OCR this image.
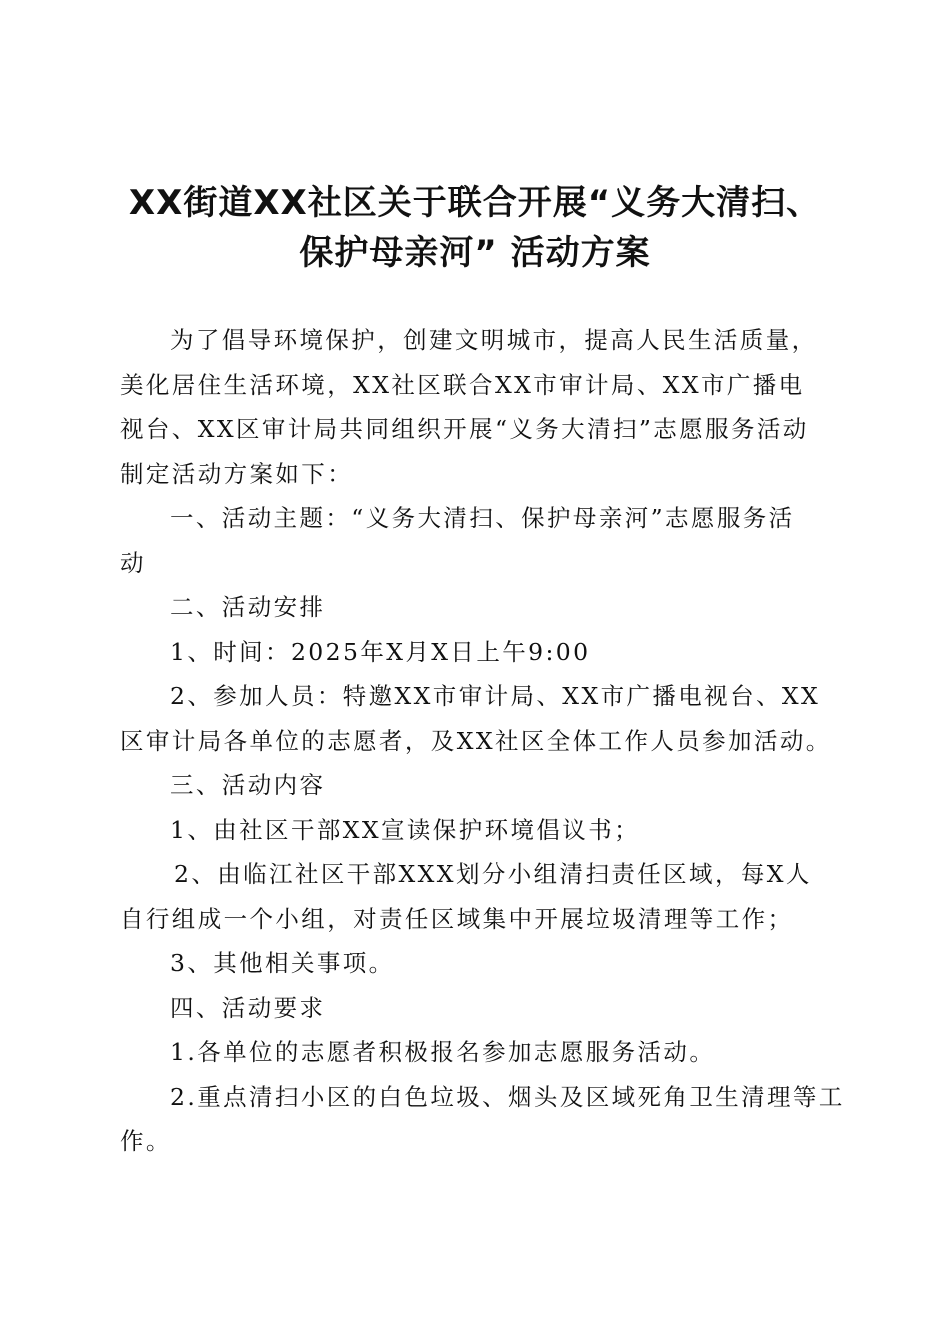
XX街道XX社区关于联合开展“义务大清扫、
保护母亲河” 活动方案
为了倡导环境保护，创建文明城市，提高人民生活质量，
美化居住生活环境，XX社区联合XX市审计局、XX市广播电
视台、XX区审计局共同组织开展“义务大清扫”志愿服务活动
制定活动方案如下：
一、活动主题：“义务大清扫、保护母亲河”志愿服务活
动
二、活动安排
1、时间：2025年X月X日上午9:00
2、参加人员：特邀XX市审计局、XX市广播电视台、XX
区审计局各单位的志愿者，及XX社区全体工作人员参加活动。
三、活动内容
1、由社区干部XX宣读保护环境倡议书；
2、由临江社区干部XXX划分小组清扫责任区域，每X人
自行组成一个小组，对责任区域集中开展垃圾清理等工作；
3、其他相关事项。
四、活动要求
1.各单位的志愿者积极报名参加志愿服务活动。
2.重点清扫小区的白色垃圾、烟头及区域死角卫生清理等工
作。
